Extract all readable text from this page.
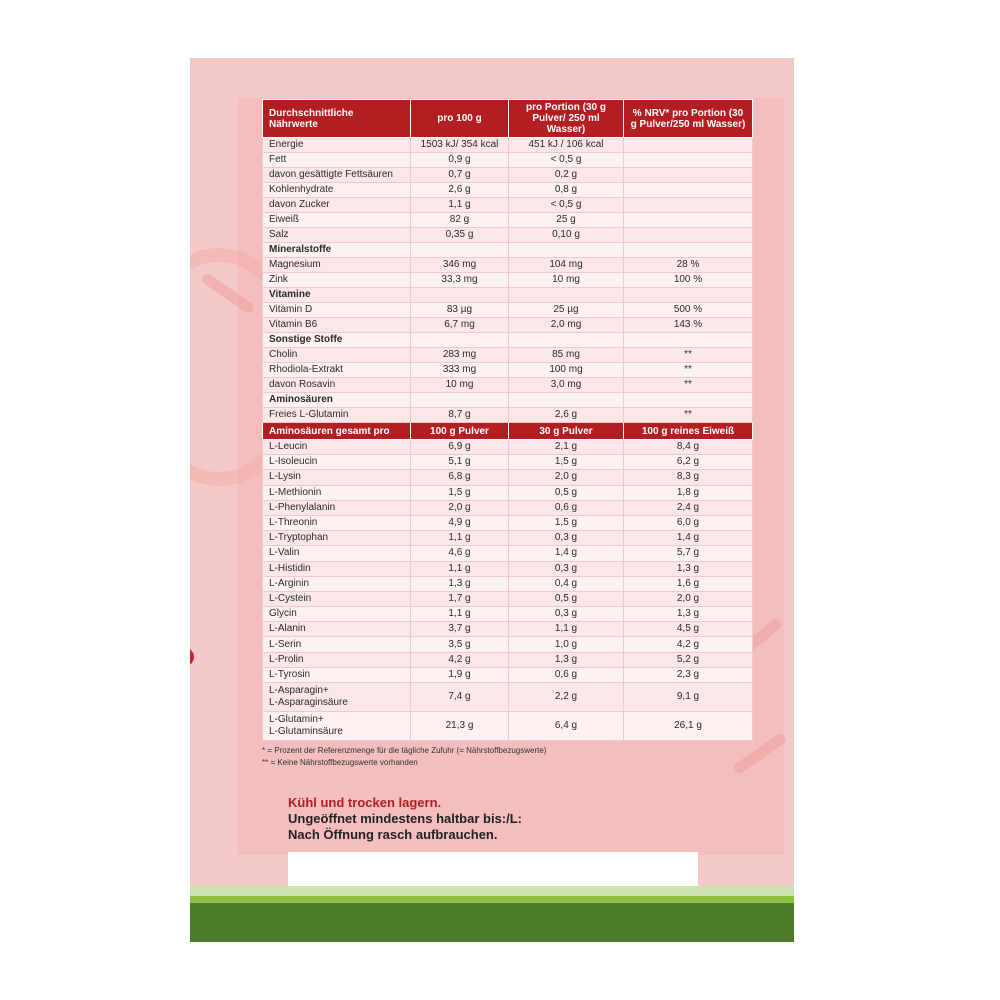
Durchschnittliche Nährwerte	pro 100 g	pro Portion (30 g Pulver/ 250 ml Wasser)	% NRV* pro Portion (30 g Pulver/250 ml Wasser)
Energie	1503 kJ/ 354 kcal	451 kJ / 106 kcal	
Fett	0,9 g	< 0,5 g	
davon gesättigte Fettsäuren	0,7 g	0,2 g	
Kohlenhydrate	2,6 g	0,8 g	
davon Zucker	1,1 g	< 0,5 g	
Eiweiß	82 g	25 g	
Salz	0,35 g	0,10 g	
Mineralstoffe			
Magnesium	346 mg	104 mg	28 %
Zink	33,3 mg	10 mg	100 %
Vitamine			
Vitamin D	83 µg	25 µg	500 %
Vitamin B6	6,7 mg	2,0 mg	143 %
Sonstige Stoffe			
Cholin	283 mg	85 mg	**
Rhodiola-Extrakt	333 mg	100 mg	**
davon Rosavin	10 mg	3,0 mg	**
Aminosäuren			
Freies L-Glutamin	8,7 g	2,6 g	**
Aminosäuren gesamt pro	100 g Pulver	30 g Pulver	100 g reines Eiweiß
L-Leucin	6,9 g	2,1 g	8,4 g
L-Isoleucin	5,1 g	1,5 g	6,2 g
L-Lysin	6,8 g	2,0 g	8,3 g
L-Methionin	1,5 g	0,5 g	1,8 g
L-Phenylalanin	2,0 g	0,6 g	2,4 g
L-Threonin	4,9 g	1,5 g	6,0 g
L-Tryptophan	1,1 g	0,3 g	1,4 g
L-Valin	4,6 g	1,4 g	5,7 g
L-Histidin	1,1 g	0,3 g	1,3 g
L-Arginin	1,3 g	0,4 g	1,6 g
L-Cystein	1,7 g	0,5 g	2,0 g
Glycin	1,1 g	0,3 g	1,3 g
L-Alanin	3,7 g	1,1 g	4,5 g
L-Serin	3,5 g	1,0 g	4,2 g
L-Prolin	4,2 g	1,3 g	5,2 g
L-Tyrosin	1,9 g	0,6 g	2,3 g
L-Asparagin+
L-Asparaginsäure	7,4 g	2,2 g	9,1 g
L-Glutamin+
L-Glutaminsäure	21,3 g	6,4 g	26,1 g
* = Prozent der Referenzmenge für die tägliche Zufuhr (= Nährstoffbezugswerte)
** = Keine Nährstoffbezugswerte vorhanden
Kühl und trocken lagern.
Ungeöffnet mindestens haltbar bis:/L:
Nach Öffnung rasch aufbrauchen.
